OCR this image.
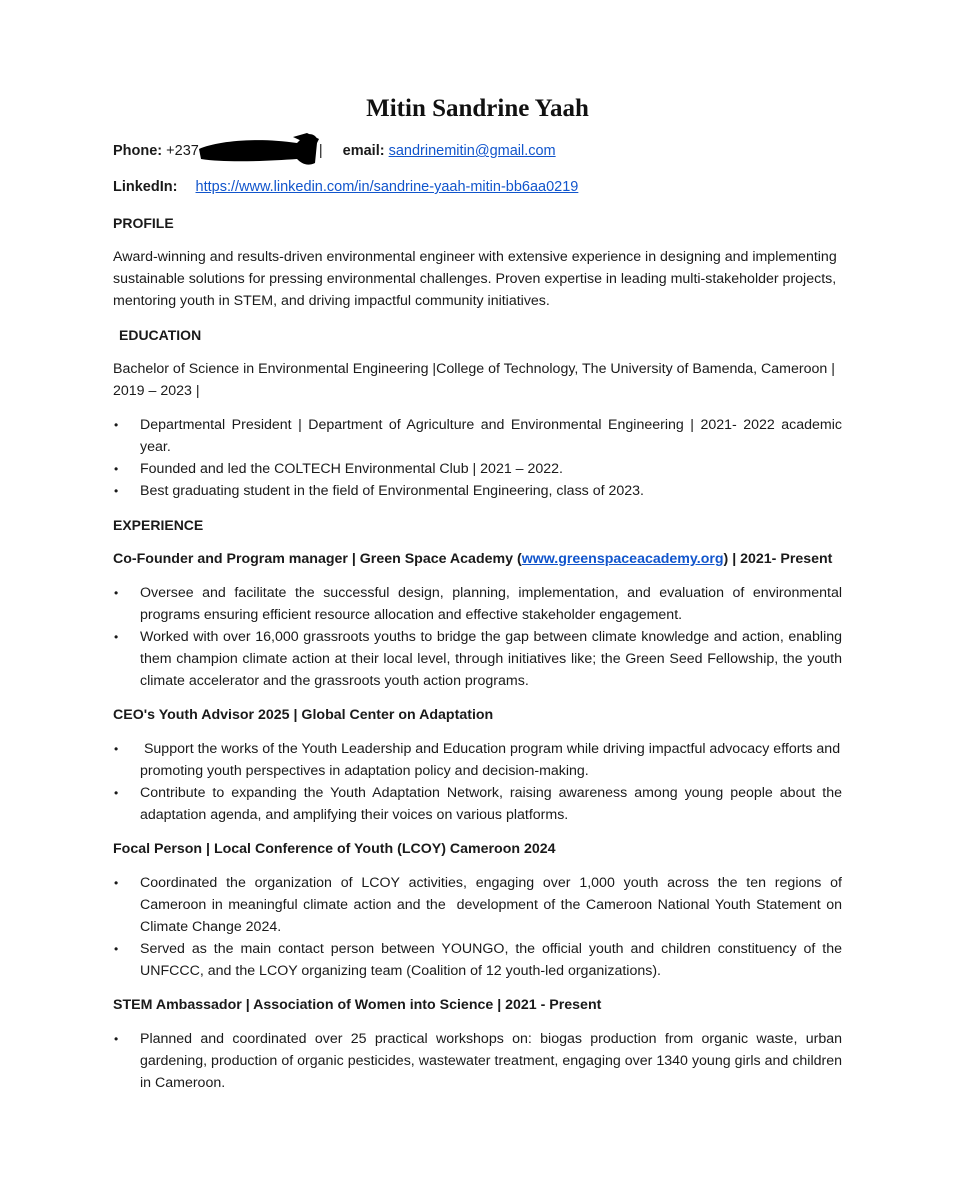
Mitin Sandrine Yaah
Phone: +237	| email: sandrinemitin@gmail.com
LinkedIn: https://www.linkedin.com/in/sandrine-yaah-mitin-bb6aa0219
PROFILE

Award-winning and results-driven environmental engineer with extensive experience in designing and implementing sustainable solutions for pressing environmental challenges. Proven expertise in leading multi-stakeholder projects, mentoring youth in STEM, and driving impactful community initiatives.

EDUCATION

Bachelor of Science in Environmental Engineering |College of Technology, The University of Bamenda, Cameroon | 2019 – 2023 |

• Departmental President | Department of Agriculture and Environmental Engineering | 2021- 2022 academic year.
• Founded and led the COLTECH Environmental Club | 2021 – 2022.
• Best graduating student in the field of Environmental Engineering, class of 2023.
EXPERIENCE
Co-Founder and Program manager | Green Space Academy (www.greenspaceacademy.org) | 2021- Present
• Oversee and facilitate the successful design, planning, implementation, and evaluation of environmental programs ensuring efficient resource allocation and effective stakeholder engagement.
• Worked with over 16,000 grassroots youths to bridge the gap between climate knowledge and action, enabling them champion climate action at their local level, through initiatives like; the Green Seed Fellowship, the youth climate accelerator and the grassroots youth action programs.
CEO's Youth Advisor 2025 | Global Center on Adaptation
• Support the works of the Youth Leadership and Education program while driving impactful advocacy efforts and promoting youth perspectives in adaptation policy and decision-making.
• Contribute to expanding the Youth Adaptation Network, raising awareness among young people about the adaptation agenda, and amplifying their voices on various platforms.
Focal Person | Local Conference of Youth (LCOY) Cameroon 2024
• Coordinated the organization of LCOY activities, engaging over 1,000 youth across the ten regions of Cameroon in meaningful climate action and the  development of the Cameroon National Youth Statement on Climate Change 2024.
• Served as the main contact person between YOUNGO, the official youth and children constituency of the UNFCCC, and the LCOY organizing team (Coalition of 12 youth-led organizations).
STEM Ambassador | Association of Women into Science | 2021 - Present
• Planned and coordinated over 25 practical workshops on: biogas production from organic waste, urban gardening, production of organic pesticides, wastewater treatment, engaging over 1340 young girls and children in Cameroon.
